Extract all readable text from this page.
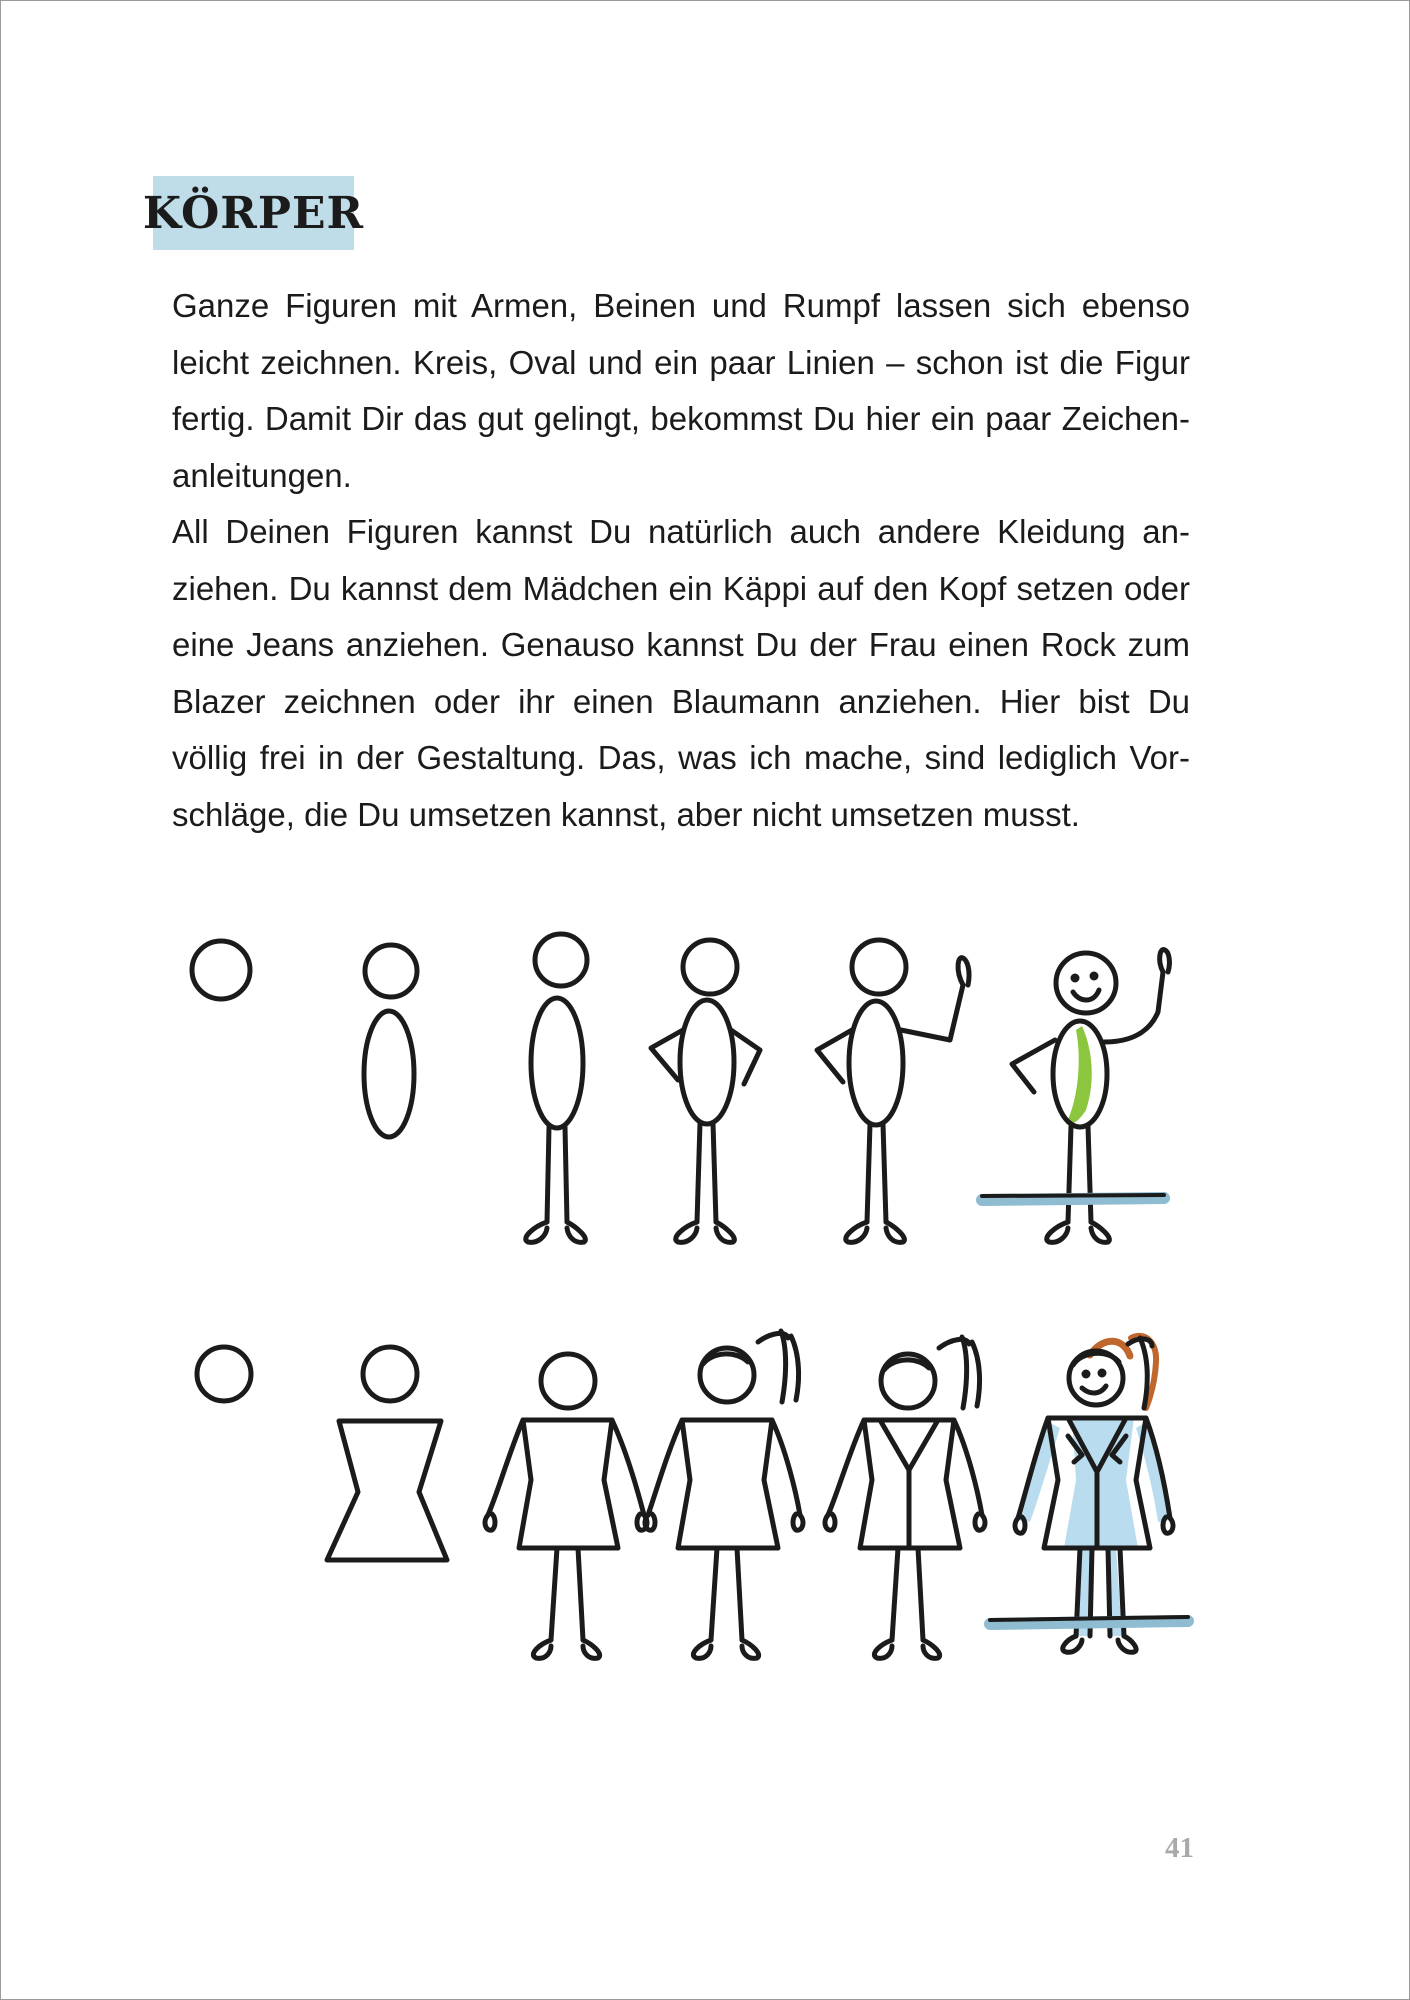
KÖRPER

Ganze Figuren mit Armen, Beinen und Rumpf lassen sich ebenso leicht zeichnen. Kreis, Oval und ein paar Linien – schon ist die Figur fertig. Damit Dir das gut gelingt, bekommst Du hier ein paar Zeichen-anleitungen.

All Deinen Figuren kannst Du natürlich auch andere Kleidung an-ziehen. Du kannst dem Mädchen ein Käppi auf den Kopf setzen oder eine Jeans anziehen. Genauso kannst Du der Frau einen Rock zum Blazer zeichnen oder ihr einen Blaumann anziehen. Hier bist Du völlig frei in der Gestaltung. Das, was ich mache, sind lediglich Vor-schläge, die Du umsetzen kannst, aber nicht umsetzen musst.

41
